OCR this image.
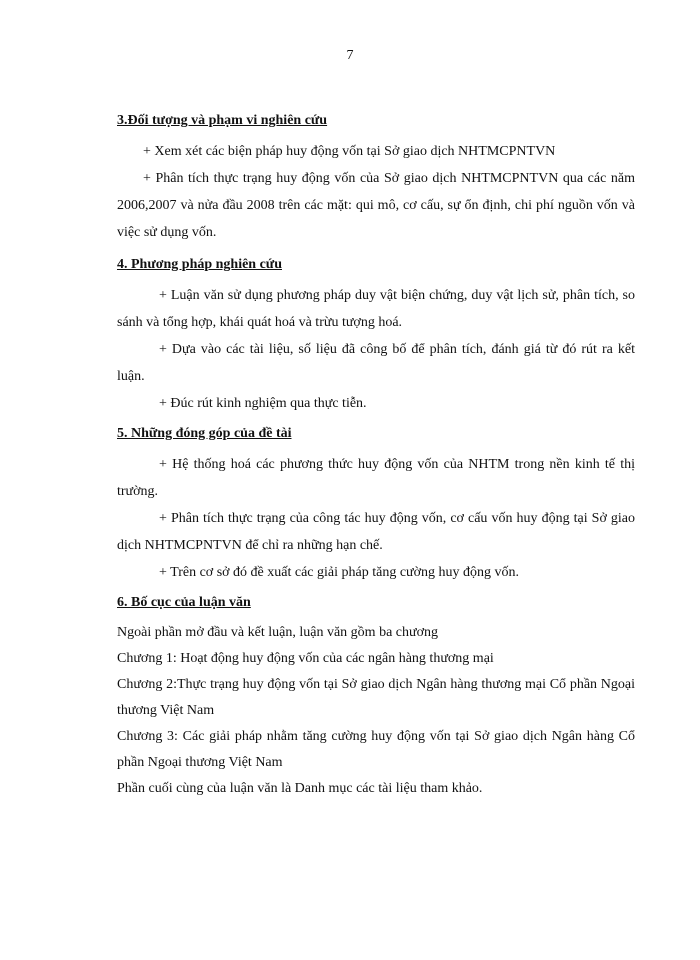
7

3.Đối tượng và phạm vi nghiên cứu

+ Xem xét các biện pháp huy động vốn tại Sở giao dịch NHTMCPNTVN

+ Phân tích thực trạng huy động vốn của Sở giao dịch NHTMCPNTVN qua các năm 2006,2007 và nửa đầu 2008 trên các mặt: qui mô, cơ cấu, sự ổn định, chi phí nguồn vốn và việc sử dụng vốn.

4. Phương pháp nghiên cứu

+ Luận văn sử dụng phương pháp duy vật biện chứng, duy vật lịch sử, phân tích, so sánh và tổng hợp, khái quát hoá và trừu tượng hoá.

+ Dựa vào các tài liệu, số liệu đã công bố để phân tích, đánh giá từ đó rút ra kết luận.

+ Đúc rút kinh nghiệm qua thực tiễn.

5. Những đóng góp của đề tài

+ Hệ thống hoá các phương thức huy động vốn của NHTM trong nền kinh tế thị trường.

+ Phân tích thực trạng của công tác huy động vốn, cơ cấu vốn huy động tại Sở giao dịch NHTMCPNTVN để chỉ ra những hạn chế.

+ Trên cơ sở đó đề xuất các giải pháp tăng cường huy động vốn.

6. Bố cục của luận văn

Ngoài phần mở đầu và kết luận, luận văn gồm ba chương

Chương 1: Hoạt động huy động vốn của các ngân hàng thương mại

Chương 2:Thực trạng huy động vốn tại Sở giao dịch Ngân hàng thương mại Cổ phần Ngoại thương Việt Nam

Chương 3: Các giải pháp nhằm tăng cường huy động vốn tại Sở giao dịch Ngân hàng Cổ phần Ngoại thương Việt Nam

Phần cuối cùng của luận văn là Danh mục các tài liệu tham khảo.
